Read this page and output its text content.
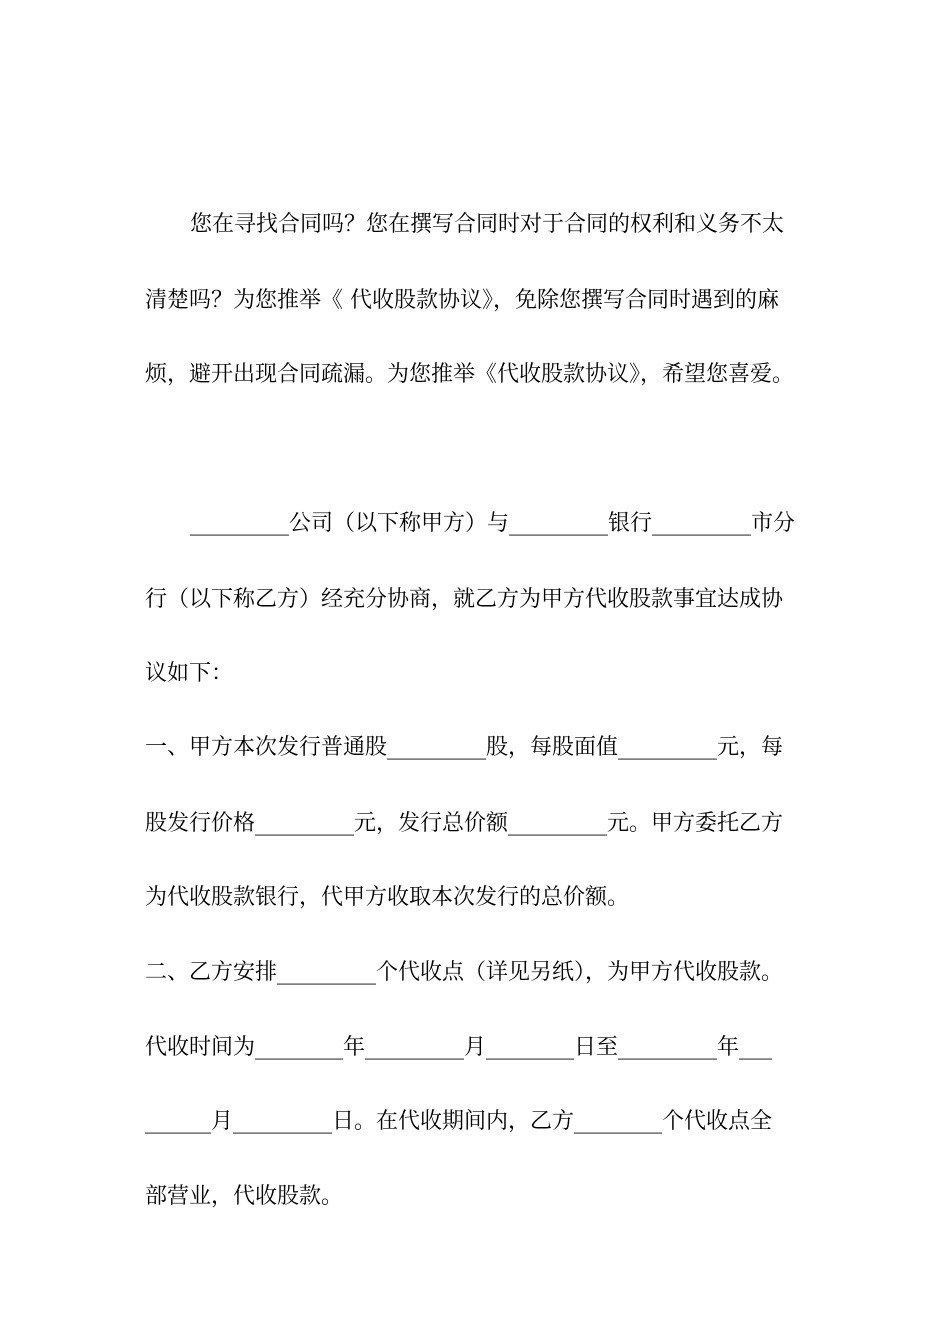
您在寻找合同吗？您在撰写合同时对于合同的权利和义务不太

清楚吗？为您推举《 代收股款协议》，免除您撰写合同时遇到的麻

烦，避开出现合同疏漏。为您推举《代收股款协议》，希望您喜爱。

_________公司（以下称甲方）与_________银行_________市分

行（以下称乙方）经充分协商，就乙方为甲方代收股款事宜达成协

议如下：

一、甲方本次发行普通股_________股，每股面值_________元，每

股发行价格_________元，发行总价额_________元。甲方委托乙方

为代收股款银行，代甲方收取本次发行的总价额。

二、乙方安排_________个代收点（详见另纸），为甲方代收股款。

代收时间为________年_________月________日至_________年___

______月_________日。在代收期间内，乙方________个代收点全

部营业，代收股款。
